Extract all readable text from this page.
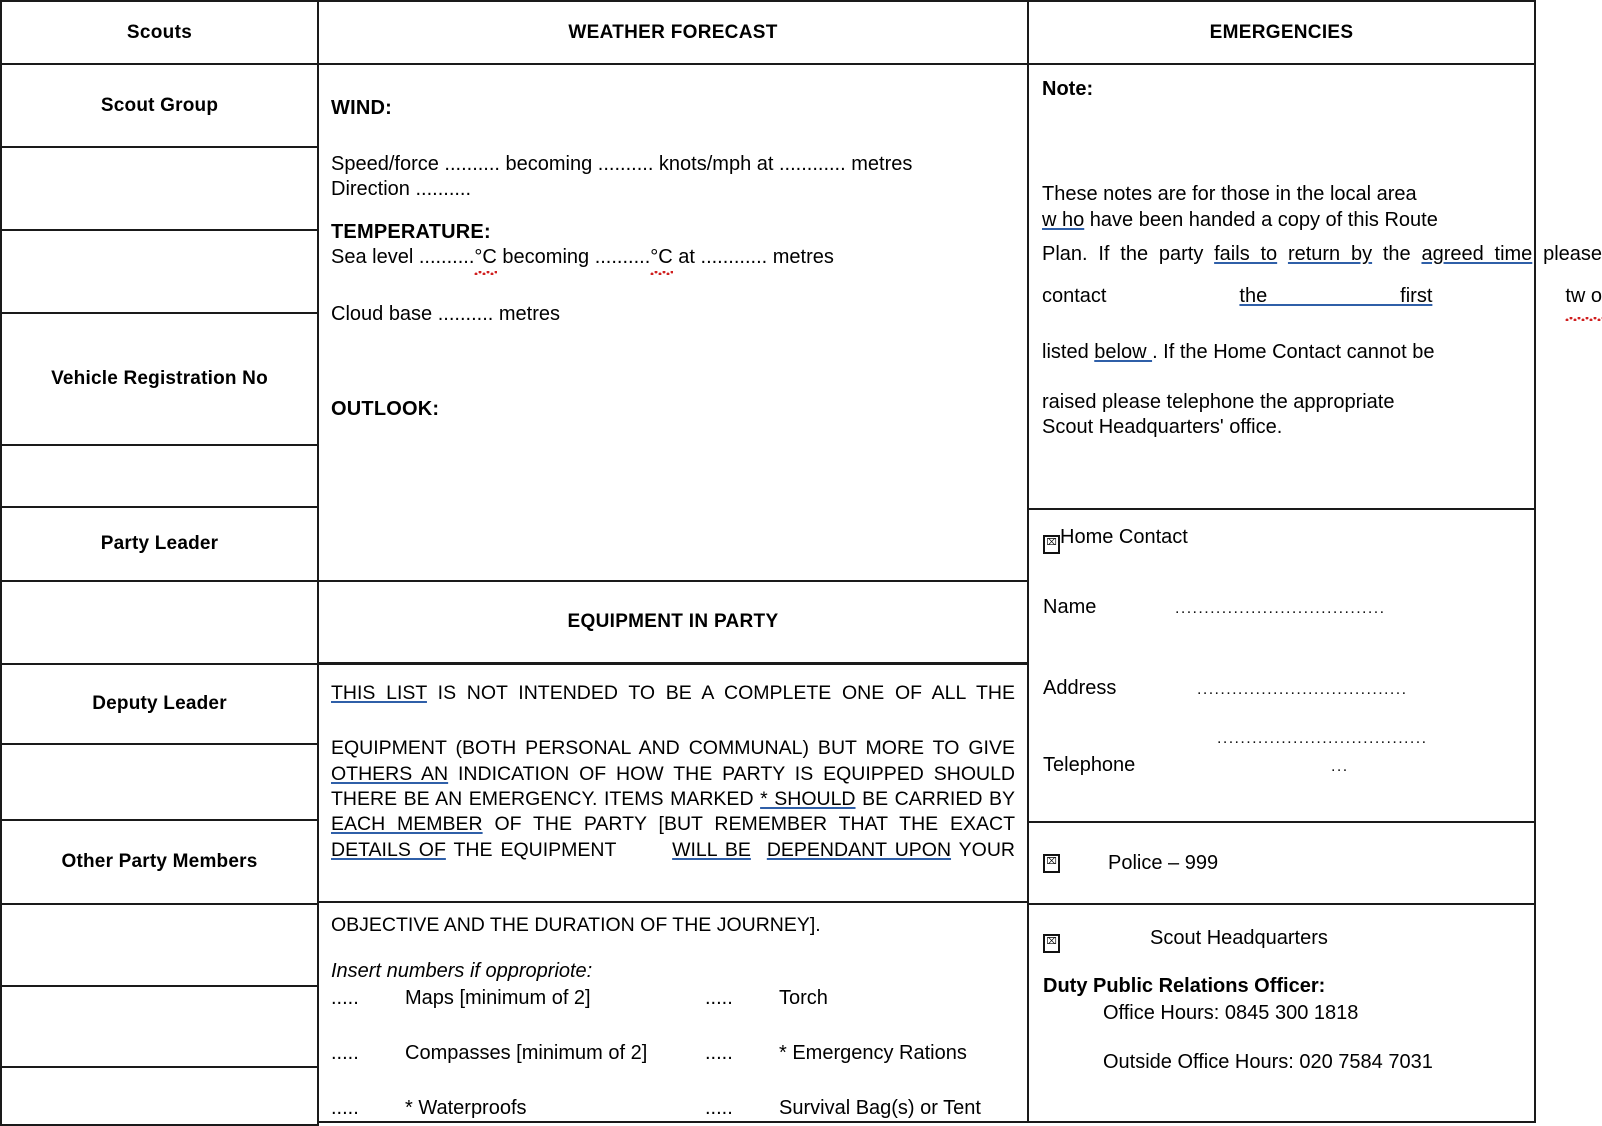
Scouts
Scout Group
Vehicle Registration No
Party Leader
Deputy Leader
Other Party Members
WEATHER FORECAST
WIND:
Speed/force .......... becoming .......... knots/mph at ............ metres
Direction ..........
TEMPERATURE:
Sea level ..........°C becoming ..........°C at ............ metres
Cloud base .......... metres
OUTLOOK:
EQUIPMENT IN PARTY
THIS LIST IS NOT INTENDED TO BE A COMPLETE ONE OF ALL THE
EQUIPMENT (BOTH PERSONAL AND COMMUNAL) BUT MORE TO GIVE
OTHERS AN INDICATION OF HOW THE PARTY IS EQUIPPED SHOULD
THERE BE AN EMERGENCY. ITEMS MARKED * SHOULD BE CARRIED BY
EACH MEMBER OF THE PARTY [BUT REMEMBER THAT THE EXACT
DETAILS OF THE EQUIPMENT	WILL BE DEPENDANT UPON YOUR
OBJECTIVE AND THE DURATION OF THE JOURNEY].
Insert numbers if oppropriote:
.....	Maps [minimum of 2]	.....	Torch
.....	Compasses [minimum of 2]	.....	* Emergency Rations
.....	* Waterproofs	.....	Survival Bag(s) or Tent
EMERGENCIES
Note:
These notes are for those in the local area
w ho have been handed a copy of this Route
Plan. If the party fails to return by the agreed time please contact	the first	tw o
listed below . If the Home Contact cannot be
raised please telephone the appropriate
Scout Headquarters' office.
⌧ Home Contact
Name	....................................
Address	....................................
....................................
Telephone	...
⌧	Police – 999
⌧	Scout Headquarters
Duty Public Relations Officer:
Office Hours: 0845 300 1818
Outside Office Hours: 020 7584 7031
